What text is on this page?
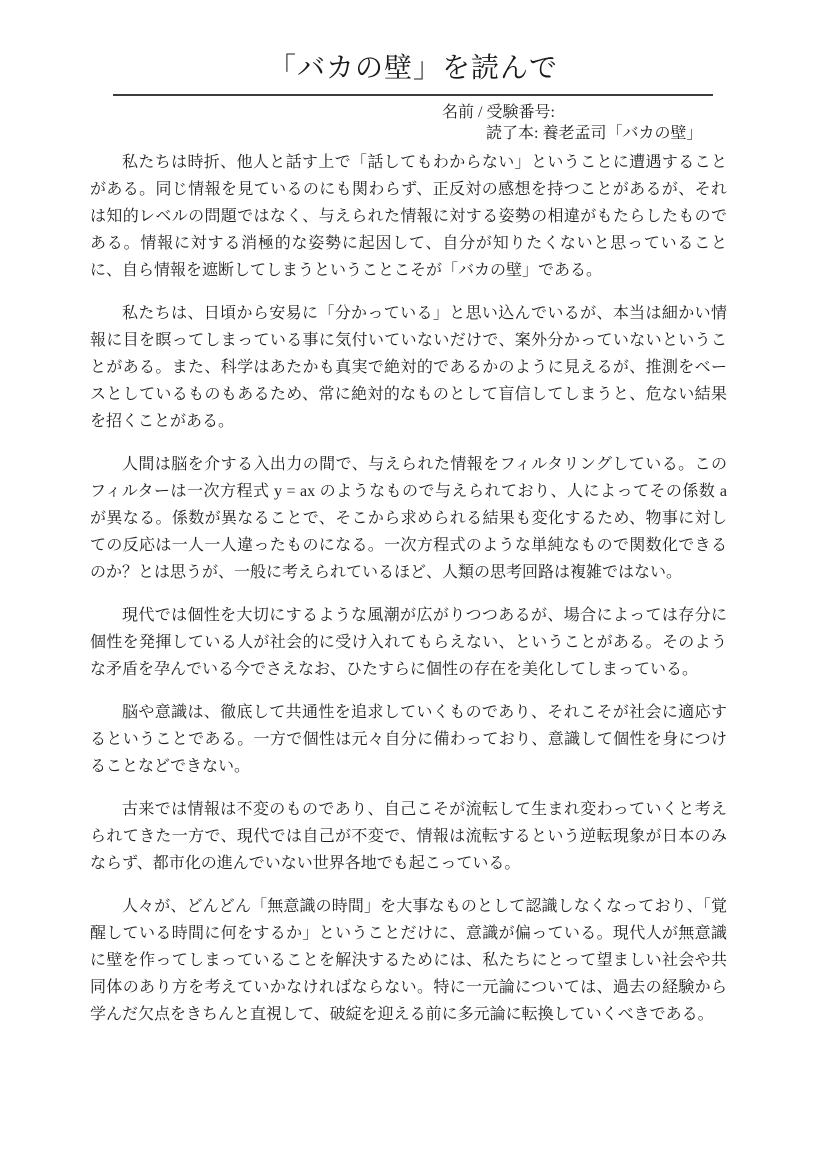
「バカの壁」を読んで
名前 / 受験番号:
読了本: 養老孟司「バカの壁」

私たちは時折、他人と話す上で「話してもわからない」ということに遭遇することがある。同じ情報を見ているのにも関わらず、正反対の感想を持つことがあるが、それは知的レベルの問題ではなく、与えられた情報に対する姿勢の相違がもたらしたものである。情報に対する消極的な姿勢に起因して、自分が知りたくないと思っていることに、自ら情報を遮断してしまうということこそが「バカの壁」である。

私たちは、日頃から安易に「分かっている」と思い込んでいるが、本当は細かい情報に目を瞑ってしまっている事に気付いていないだけで、案外分かっていないということがある。また、科学はあたかも真実で絶対的であるかのように見えるが、推測をベースとしているものもあるため、常に絶対的なものとして盲信してしまうと、危ない結果を招くことがある。

人間は脳を介する入出力の間で、与えられた情報をフィルタリングしている。このフィルターは一次方程式 y = ax のようなもので与えられており、人によってその係数 a が異なる。係数が異なることで、そこから求められる結果も変化するため、物事に対しての反応は一人一人違ったものになる。一次方程式のような単純なもので関数化できるのか？とは思うが、一般に考えられているほど、人類の思考回路は複雑ではない。

現代では個性を大切にするような風潮が広がりつつあるが、場合によっては存分に個性を発揮している人が社会的に受け入れてもらえない、ということがある。そのような矛盾を孕んでいる今でさえなお、ひたすらに個性の存在を美化してしまっている。

脳や意識は、徹底して共通性を追求していくものであり、それこそが社会に適応するということである。一方で個性は元々自分に備わっており、意識して個性を身につけることなどできない。

古来では情報は不変のものであり、自己こそが流転して生まれ変わっていくと考えられてきた一方で、現代では自己が不変で、情報は流転するという逆転現象が日本のみならず、都市化の進んでいない世界各地でも起こっている。

人々が、どんどん「無意識の時間」を大事なものとして認識しなくなっており、「覚醒している時間に何をするか」ということだけに、意識が偏っている。現代人が無意識に壁を作ってしまっていることを解決するためには、私たちにとって望ましい社会や共同体のあり方を考えていかなければならない。特に一元論については、過去の経験から学んだ欠点をきちんと直視して、破綻を迎える前に多元論に転換していくべきである。
